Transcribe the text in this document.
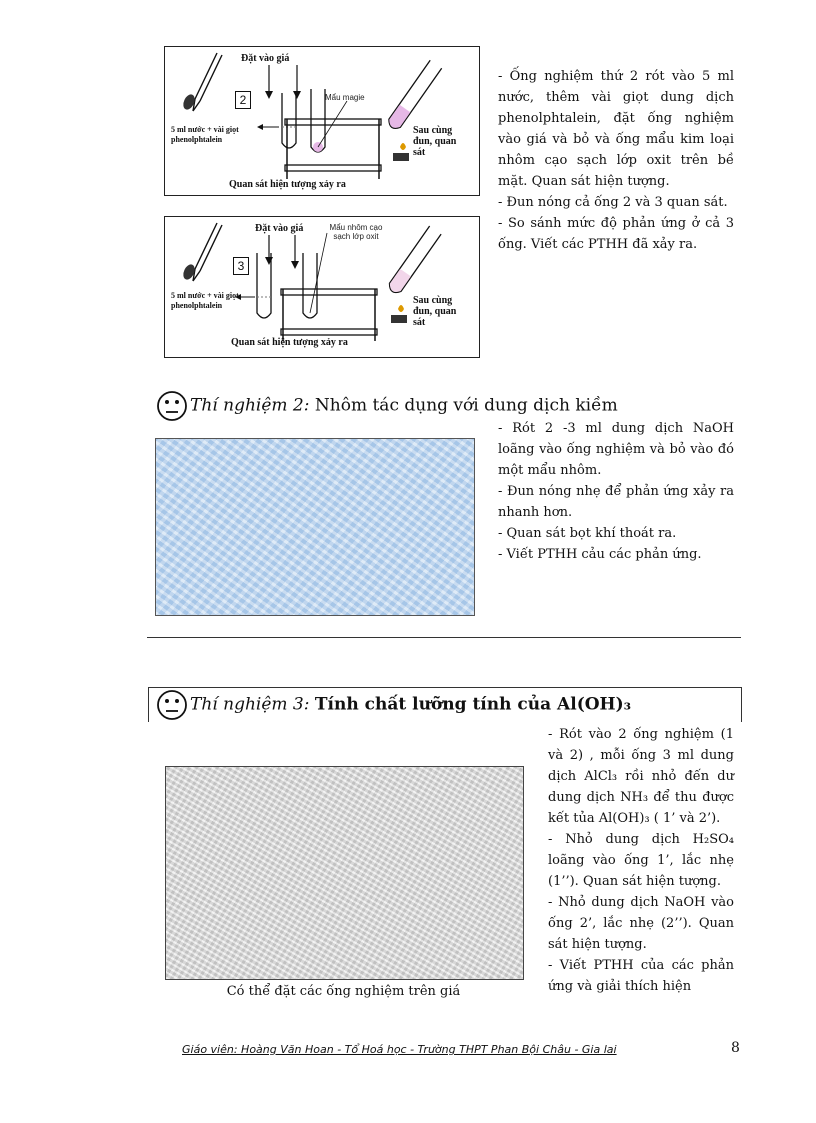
Đặt vào giá
2	Mẩu magie
5 ml nước + vài giọt phenolphtalein
Sau cùng đun, quan sát
Quan sát hiện tượng xảy ra
Đặt vào giá
3
Mẩu nhôm cạo sạch lớp oxit
5 ml nước + vài giọt phenolphtalein	Sau cùng đun, quan sát
Quan sát hiện tượng xảy ra

- Ống nghiệm thứ 2 rót vào 5 ml nước, thêm vài giọt dung dịch phenolphtalein, đặt ống nghiệm vào giá và bỏ và ống mẩu kim loại nhôm cạo sạch lớp oxit trên bề mặt. Quan sát hiện tượng.

- Đun nóng cả ống 2 và 3 quan sát.

- So sánh mức độ phản ứng ở cả 3 ống. Viết các PTHH đã xảy ra.

Thí nghiệm 2: Nhôm tác dụng với dung dịch kiềm

- Rót 2 -3 ml dung dịch NaOH loãng vào ống nghiệm và bỏ vào đó một mẩu nhôm.

- Đun nóng nhẹ để phản ứng xảy ra nhanh hơn.

- Quan sát bọt khí thoát ra.

- Viết PTHH cảu các phản ứng.

Thí nghiệm 3: Tính chất lưỡng tính của Al(OH)₃
Có thể đặt các ống nghiệm trên giá

- Rót vào 2 ống nghiệm (1 và 2) , mỗi ống 3 ml dung dịch AlCl₃ rồi nhỏ đến dư dung dịch NH₃ để thu được kết tủa Al(OH)₃ ( 1’ và 2’).

- Nhỏ dung dịch H₂SO₄ loãng vào ống 1’, lắc nhẹ (1’’). Quan sát hiện tượng.

- Nhỏ dung dịch NaOH vào ống 2’, lắc nhẹ (2’’). Quan sát hiện tượng.

- Viết PTHH của các phản ứng và giải thích hiện

Giáo viên: Hoàng Văn Hoan - Tổ Hoá học - Trường THPT Phan Bội Châu - Gia lai	8
